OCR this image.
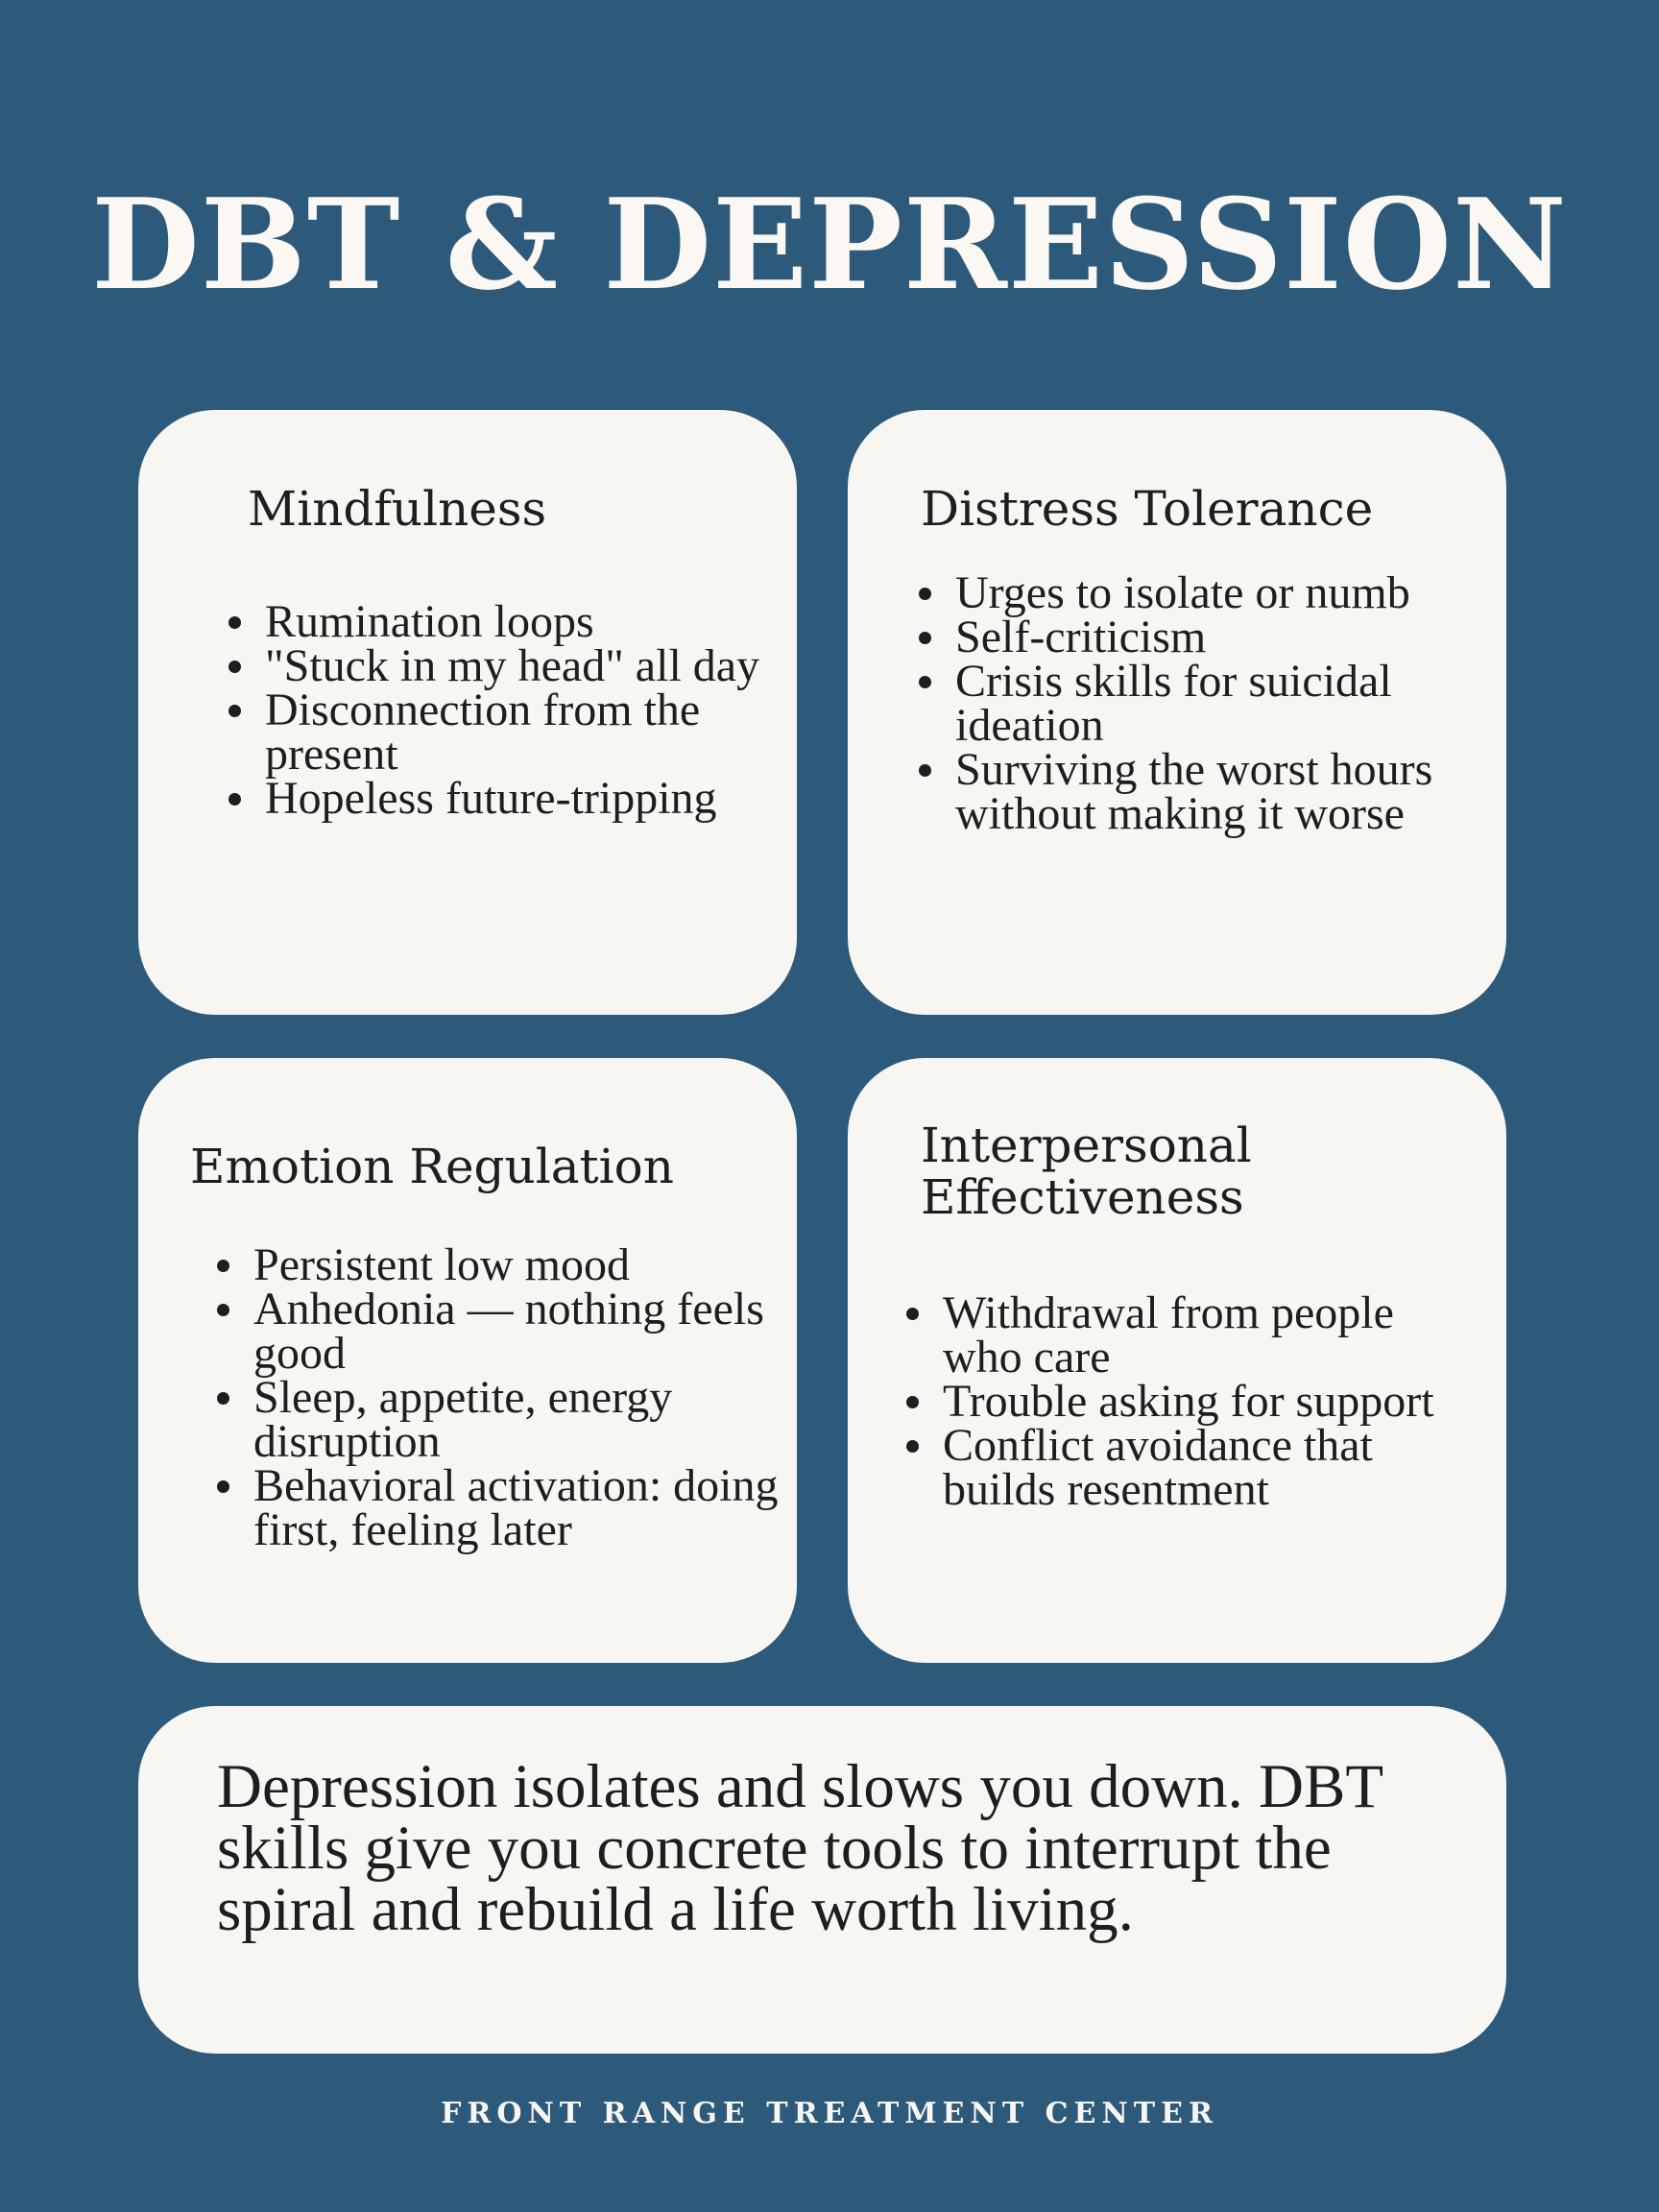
DBT & DEPRESSION
Mindfulness
Rumination loops
"Stuck in my head" all day
Disconnection from the present
Hopeless future-tripping
Distress Tolerance
Urges to isolate or numb
Self-criticism
Crisis skills for suicidal ideation
Surviving the worst hours without making it worse
Emotion Regulation
Persistent low mood
Anhedonia — nothing feels good
Sleep, appetite, energy disruption
Behavioral activation: doing first, feeling later
Interpersonal Effectiveness
Withdrawal from people who care
Trouble asking for support
Conflict avoidance that builds resentment

Depression isolates and slows you down. DBT skills give you concrete tools to interrupt the spiral and rebuild a life worth living.

FRONT RANGE TREATMENT CENTER
